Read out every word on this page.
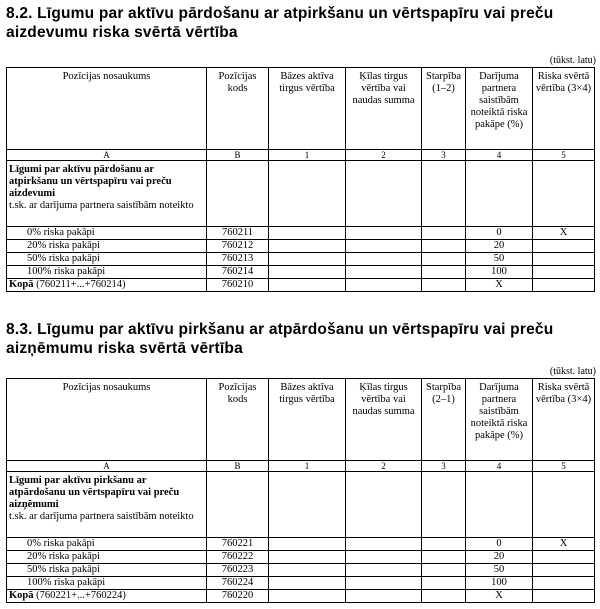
8.2. Līgumu par aktīvu pārdošanu ar atpirkšanu un vērtspapīru vai preču
aizdevumu riska svērtā vērtība
(tūkst. latu)
Pozīcijas nosaukums	Pozīcijas kods	Bāzes aktīva tirgus vērtība	Ķīlas tirgus vērtība vai naudas summa	Starpība (1–2)	Darījuma partnera saistībām noteiktā riska pakāpe (%)	Riska svērtā vērtība (3×4)
A	B	1	2	3	4	5

Līgumi par aktīvu pārdošanu ar atpirkšanu un vērtspapīru vai preču aizdevumi
t.sk. ar darījuma partnera saistībām noteikto						

0% riska pakāpi	760211				0	X
20% riska pakāpi	760212				20	
50% riska pakāpi	760213				50	
100% riska pakāpi	760214				100	
Kopā (760211+...+760214)	760210				X	
8.3. Līgumu par aktīvu pirkšanu ar atpārdošanu un vērtspapīru vai preču
aizņēmumu riska svērtā vērtība
(tūkst. latu)
Pozīcijas nosaukums	Pozīcijas kods	Bāzes aktīva tirgus vērtība	Ķīlas tirgus vērtība vai naudas summa	Starpība (2–1)	Darījuma partnera saistībām noteiktā riska pakāpe (%)	Riska svērtā vērtība (3×4)
A	B	1	2	3	4	5

Līgumi par aktīvu pirkšanu ar atpārdošanu un vērtspapīru vai preču aizņēmumi
t.sk. ar darījuma partnera saistībām noteikto						

0% riska pakāpi	760221				0	X
20% riska pakāpi	760222				20	
50% riska pakāpi	760223				50	
100% riska pakāpi	760224				100	
Kopā (760221+...+760224)	760220				X	
